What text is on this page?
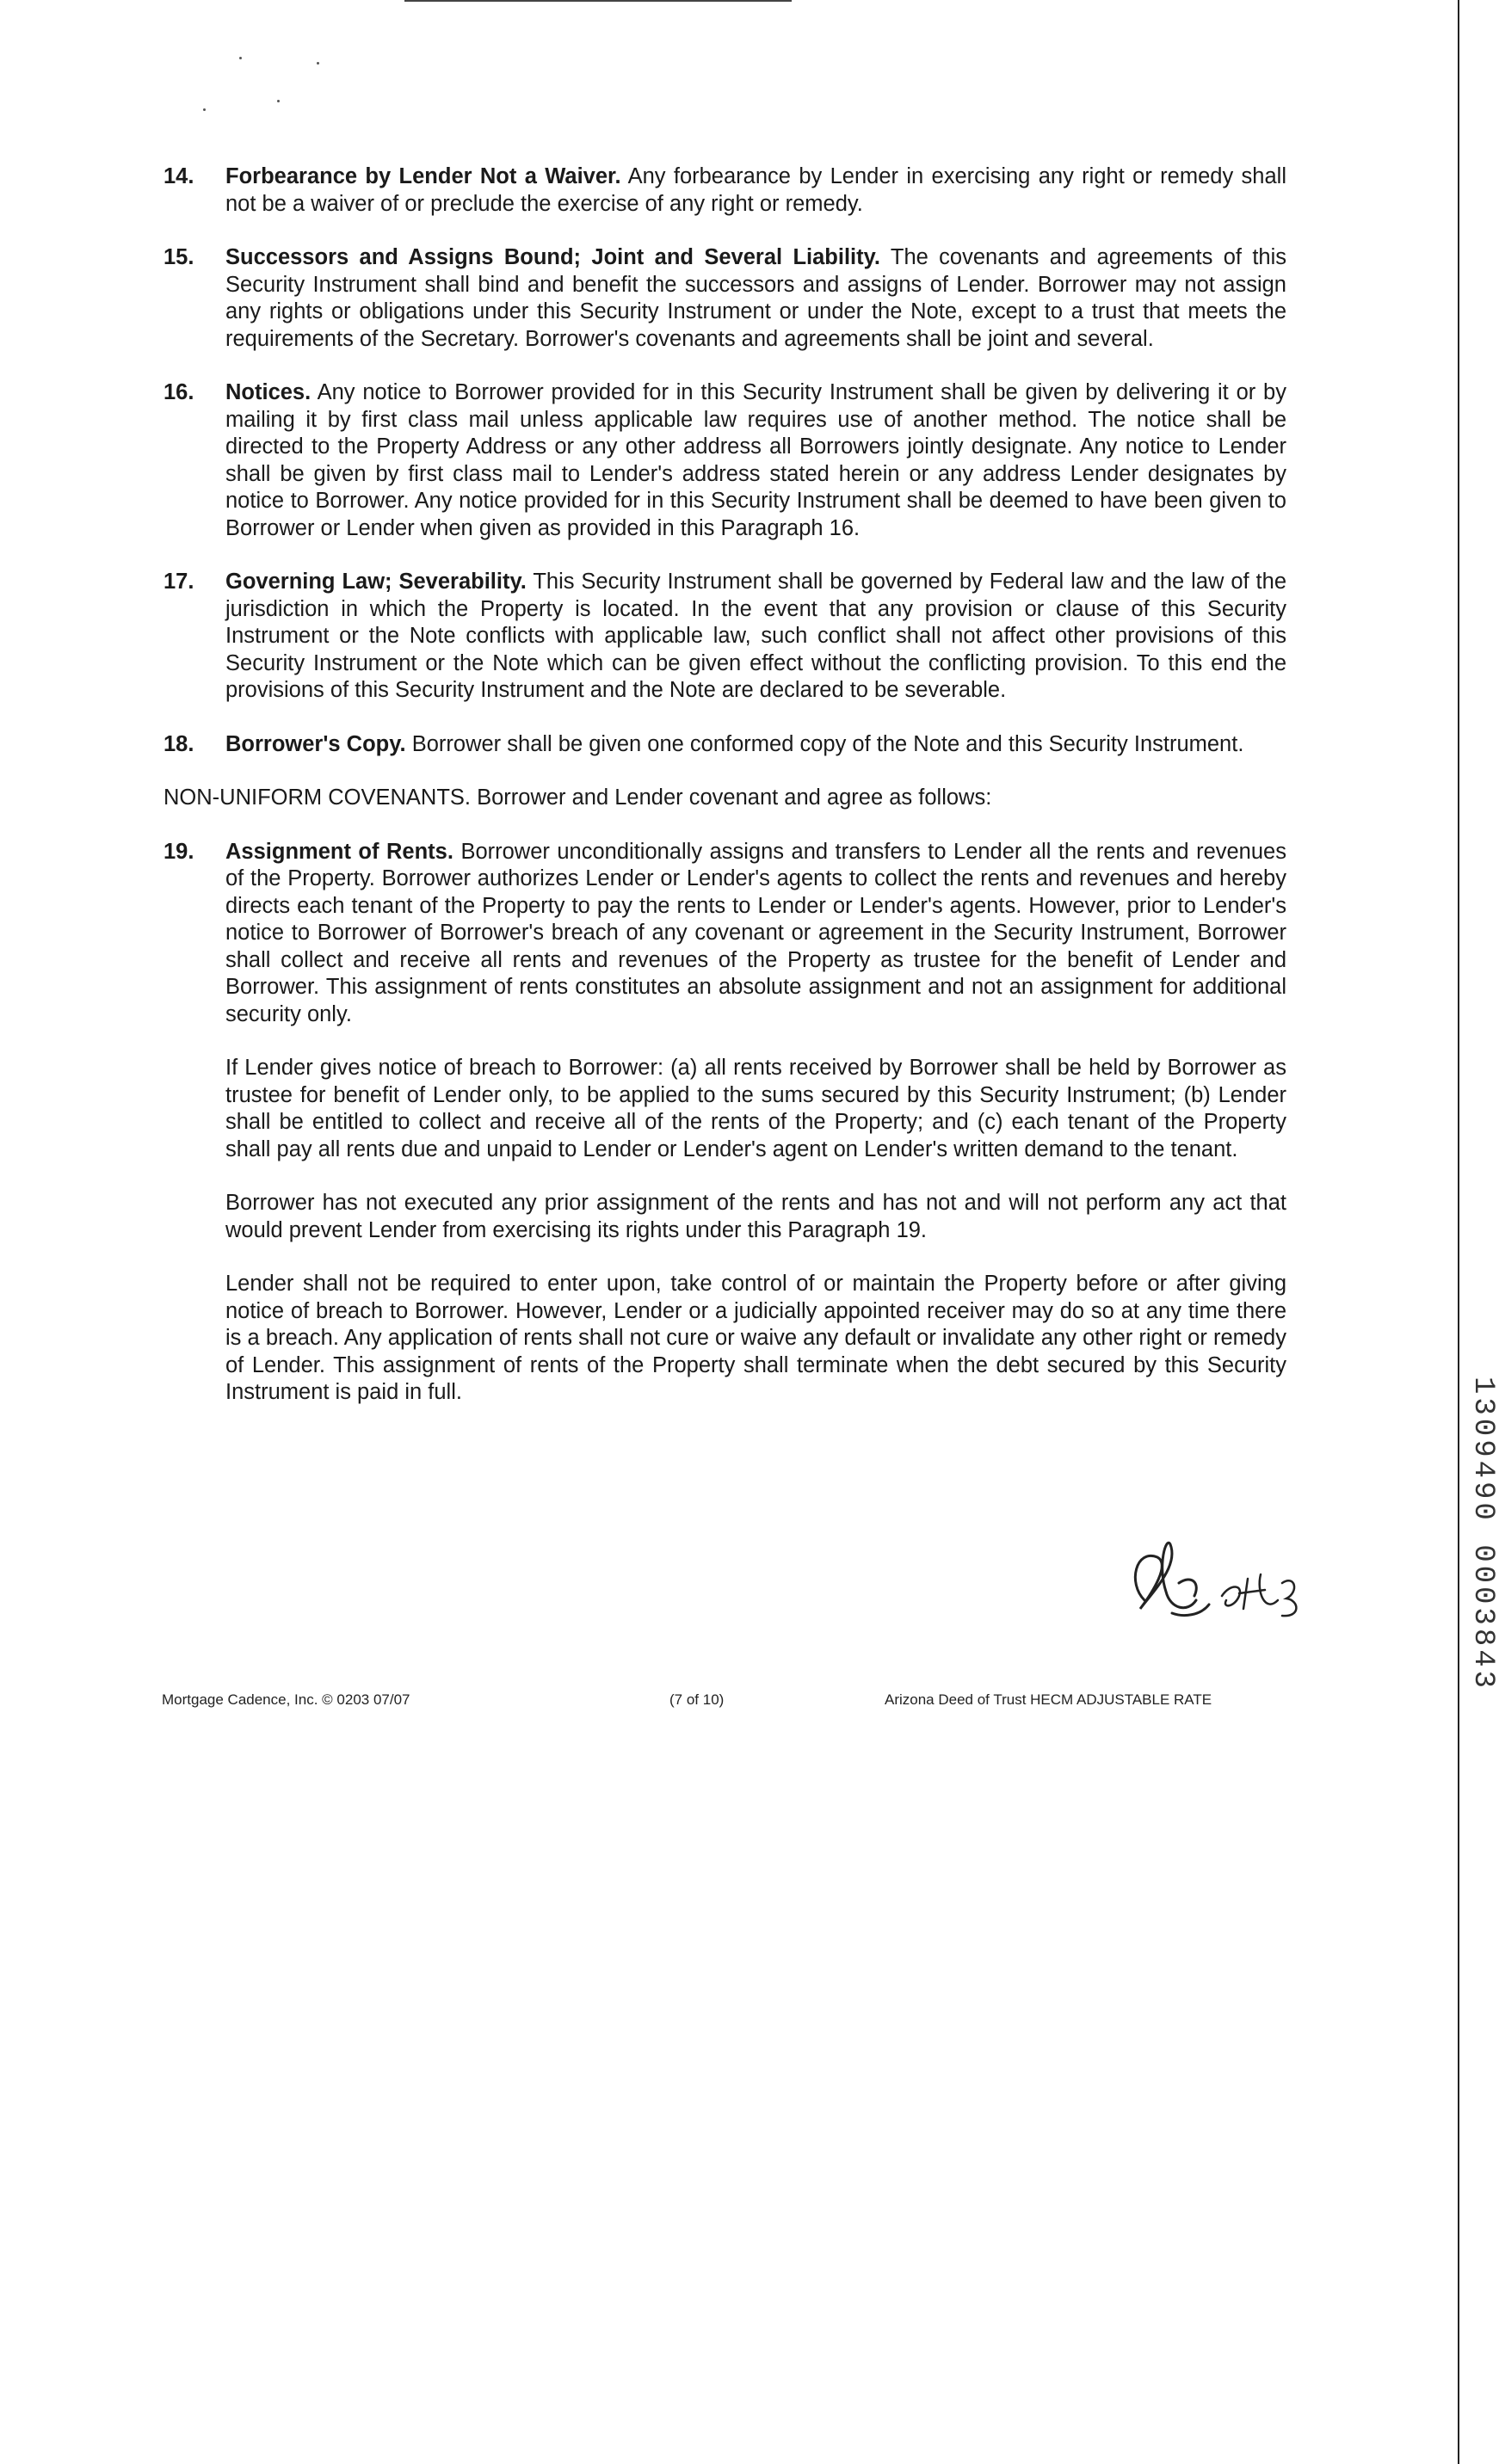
14. Forbearance by Lender Not a Waiver. Any forbearance by Lender in exercising any right or remedy shall not be a waiver of or preclude the exercise of any right or remedy.
15. Successors and Assigns Bound; Joint and Several Liability. The covenants and agreements of this Security Instrument shall bind and benefit the successors and assigns of Lender. Borrower may not assign any rights or obligations under this Security Instrument or under the Note, except to a trust that meets the requirements of the Secretary. Borrower's covenants and agreements shall be joint and several.
16. Notices. Any notice to Borrower provided for in this Security Instrument shall be given by delivering it or by mailing it by first class mail unless applicable law requires use of another method. The notice shall be directed to the Property Address or any other address all Borrowers jointly designate. Any notice to Lender shall be given by first class mail to Lender's address stated herein or any address Lender designates by notice to Borrower. Any notice provided for in this Security Instrument shall be deemed to have been given to Borrower or Lender when given as provided in this Paragraph 16.
17. Governing Law; Severability. This Security Instrument shall be governed by Federal law and the law of the jurisdiction in which the Property is located. In the event that any provision or clause of this Security Instrument or the Note conflicts with applicable law, such conflict shall not affect other provisions of this Security Instrument or the Note which can be given effect without the conflicting provision. To this end the provisions of this Security Instrument and the Note are declared to be severable.
18. Borrower's Copy. Borrower shall be given one conformed copy of the Note and this Security Instrument.
NON-UNIFORM COVENANTS. Borrower and Lender covenant and agree as follows:
19. Assignment of Rents. Borrower unconditionally assigns and transfers to Lender all the rents and revenues of the Property. Borrower authorizes Lender or Lender's agents to collect the rents and revenues and hereby directs each tenant of the Property to pay the rents to Lender or Lender's agents. However, prior to Lender's notice to Borrower of Borrower's breach of any covenant or agreement in the Security Instrument, Borrower shall collect and receive all rents and revenues of the Property as trustee for the benefit of Lender and Borrower. This assignment of rents constitutes an absolute assignment and not an assignment for additional security only.
If Lender gives notice of breach to Borrower: (a) all rents received by Borrower shall be held by Borrower as trustee for benefit of Lender only, to be applied to the sums secured by this Security Instrument; (b) Lender shall be entitled to collect and receive all of the rents of the Property; and (c) each tenant of the Property shall pay all rents due and unpaid to Lender or Lender's agent on Lender's written demand to the tenant.
Borrower has not executed any prior assignment of the rents and has not and will not perform any act that would prevent Lender from exercising its rights under this Paragraph 19.
Lender shall not be required to enter upon, take control of or maintain the Property before or after giving notice of breach to Borrower. However, Lender or a judicially appointed receiver may do so at any time there is a breach. Any application of rents shall not cure or waive any default or invalidate any other right or remedy of Lender. This assignment of rents of the Property shall terminate when the debt secured by this Security Instrument is paid in full.	1309490 0003843
Mortgage Cadence, Inc. © 0203 07/07	(7 of 10)	Arizona Deed of Trust HECM ADJUSTABLE RATE
